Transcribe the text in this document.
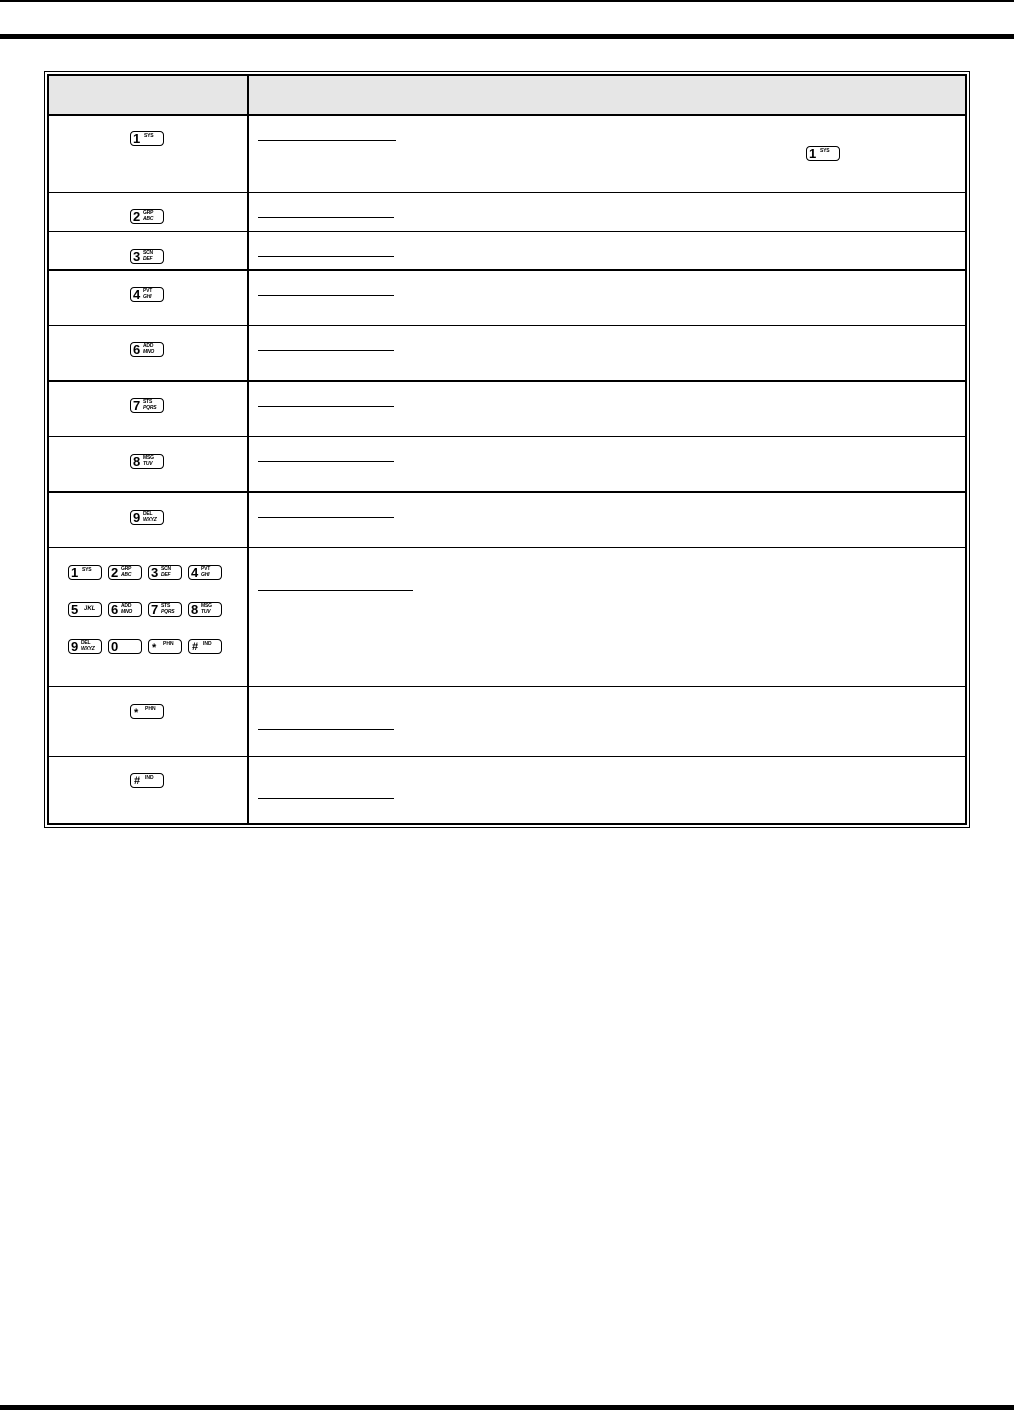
1 SYS
1 SYS
2 GRP
ABC
3 SCN
DEF
4 PVT
GHI
6 ADD
MNO
7 STS
PQRS
8 MSG
TUV
9 DEL
WXYZ
1 SYS 2 GRP
ABC 3 SCN
DEF 4 PVT
GHI
5 JKL 6 ADD
MNO 7 STS
PQRS 8 MSG
TUV
9 DEL
WXYZ 0	* PHN # IND
* PHN
# IND
